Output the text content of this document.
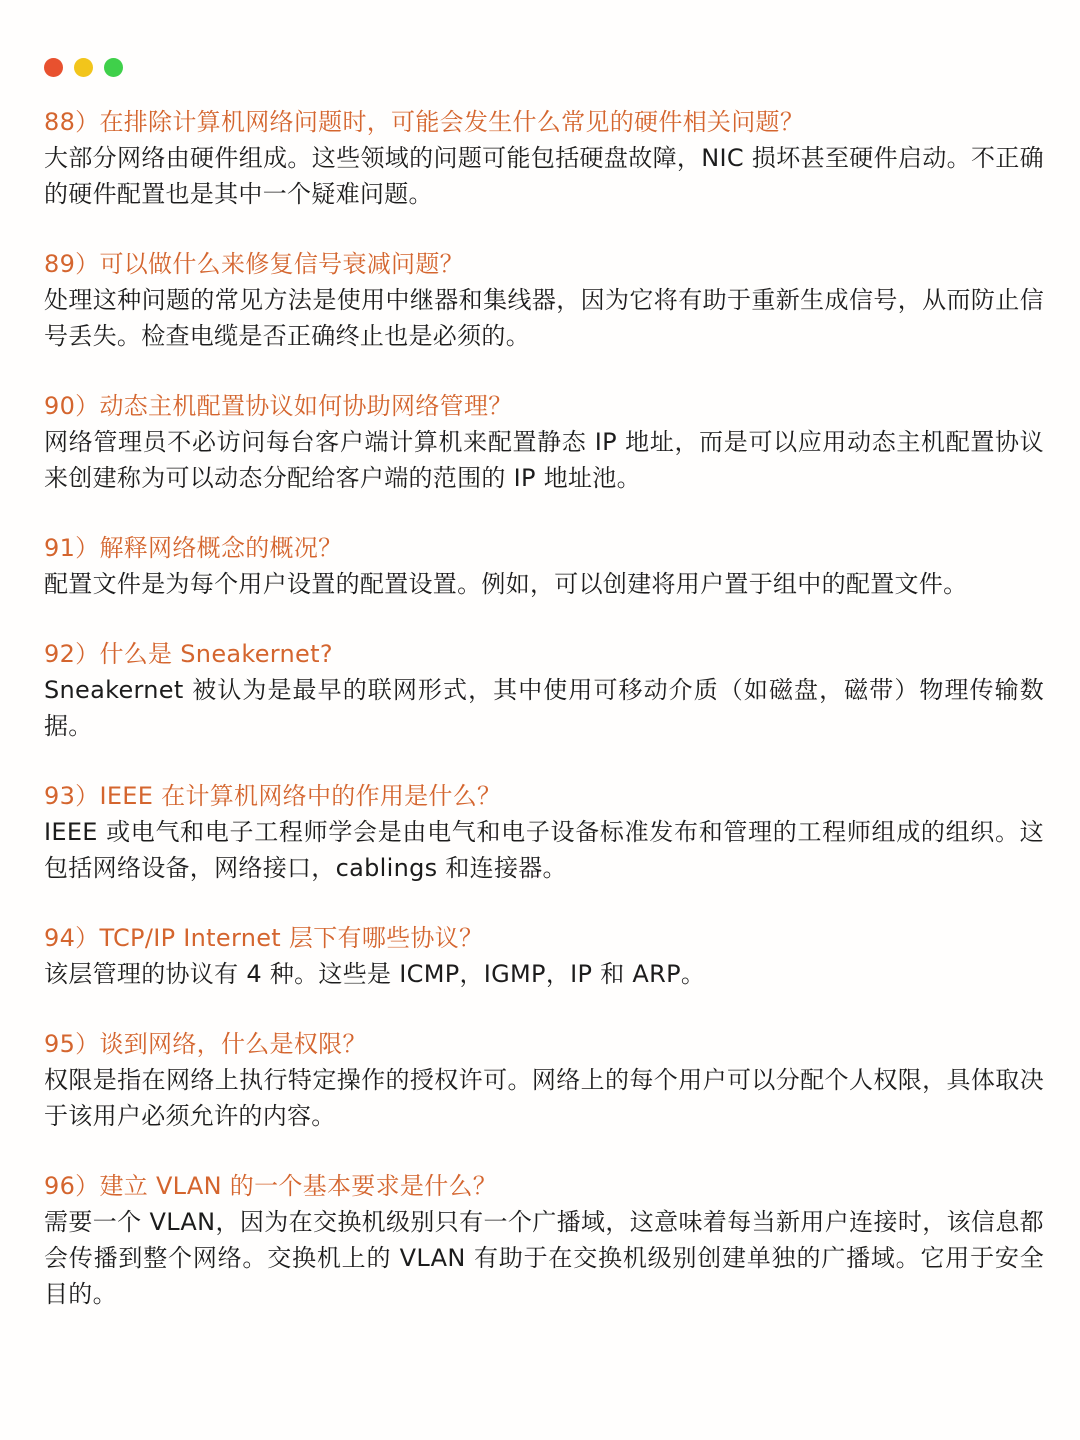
88）在排除计算机网络问题时，可能会发生什么常见的硬件相关问题？

大部分网络由硬件组成。这些领域的问题可能包括硬盘故障，NIC 损坏甚至硬件启动。不正确的硬件配置也是其中一个疑难问题。

89）可以做什么来修复信号衰减问题？

处理这种问题的常见方法是使用中继器和集线器，因为它将有助于重新生成信号，从而防止信号丢失。检查电缆是否正确终止也是必须的。

90）动态主机配置协议如何协助网络管理？

网络管理员不必访问每台客户端计算机来配置静态 IP 地址，而是可以应用动态主机配置协议来创建称为可以动态分配给客户端的范围的 IP 地址池。

91）解释网络概念的概况？

配置文件是为每个用户设置的配置设置。例如，可以创建将用户置于组中的配置文件。

92）什么是 Sneakernet?

Sneakernet 被认为是最早的联网形式，其中使用可移动介质（如磁盘，磁带）物理传输数据。

93）IEEE 在计算机网络中的作用是什么？

IEEE 或电气和电子工程师学会是由电气和电子设备标准发布和管理的工程师组成的组织。这包括网络设备，网络接口，cablings 和连接器。

94）TCP/IP Internet 层下有哪些协议？

该层管理的协议有 4 种。这些是 ICMP，IGMP，IP 和 ARP。

95）谈到网络，什么是权限？

权限是指在网络上执行特定操作的授权许可。网络上的每个用户可以分配个人权限，具体取决于该用户必须允许的内容。

96）建立 VLAN 的一个基本要求是什么？

需要一个 VLAN，因为在交换机级别只有一个广播域，这意味着每当新用户连接时，该信息都会传播到整个网络。交换机上的 VLAN 有助于在交换机级别创建单独的广播域。它用于安全目的。
